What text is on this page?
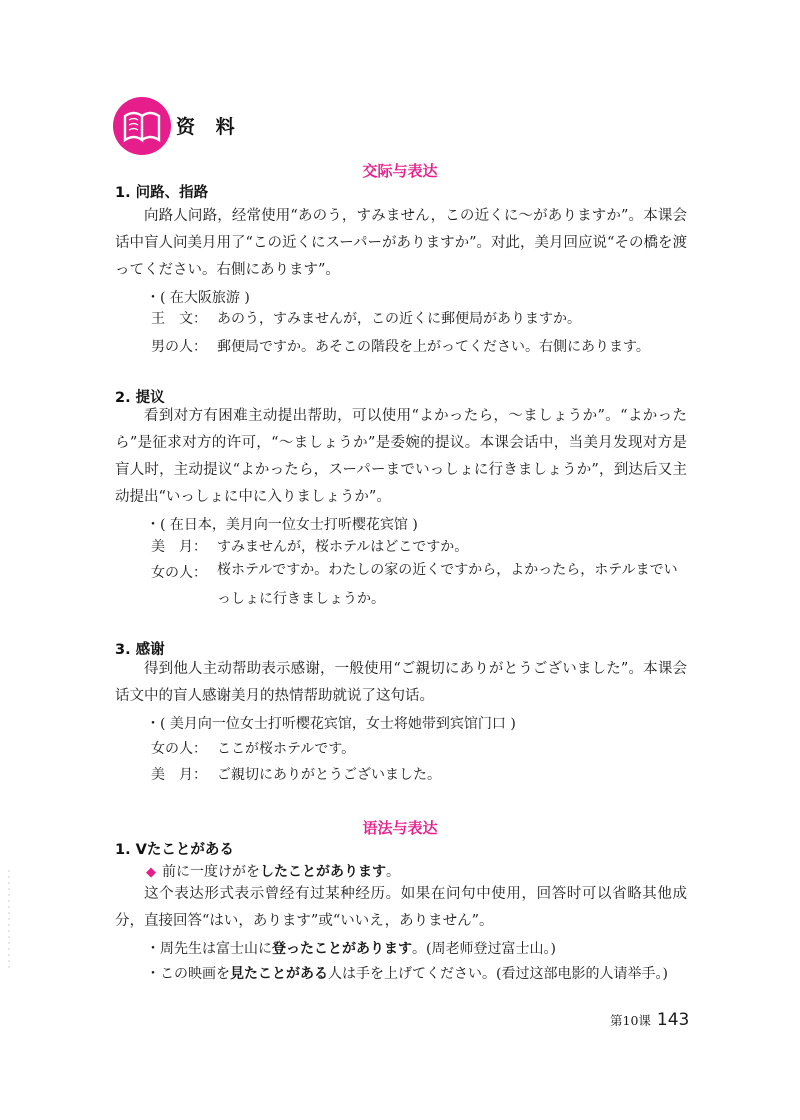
资 料
交际与表达
1. 问路、指路
向路人问路，经常使用“あのう，すみません，この近くに～がありますか”。本课会话中盲人问美月用了“この近くにスーパーがありますか”。对此，美月回应说“その橋を渡ってください。右側にあります”。
・( 在大阪旅游 )
王　文： あのう，すみませんが，この近くに郵便局がありますか。
男の人： 郵便局ですか。あそこの階段を上がってください。右側にあります。
2. 提议
看到对方有困难主动提出帮助，可以使用“よかったら，～ましょうか”。“よかったら”是征求对方的许可，“～ましょうか”是委婉的提议。本课会话中，当美月发现对方是盲人时，主动提议“よかったら，スーパーまでいっしょに行きましょうか”，到达后又主动提出“いっしょに中に入りましょうか”。
・( 在日本，美月向一位女士打听樱花宾馆 )
美　月： すみませんが，桜ホテルはどこですか。
女の人： 桜ホテルですか。わたしの家の近くですから，よかったら，ホテルまでいっしょに行きましょうか。
3. 感谢
得到他人主动帮助表示感谢，一般使用“ご親切にありがとうございました”。本课会话文中的盲人感谢美月的热情帮助就说了这句话。
・( 美月向一位女士打听樱花宾馆，女士将她带到宾馆门口 )
女の人： ここが桜ホテルです。
美　月： ご親切にありがとうございました。
语法与表达
1. Vたことがある
◆ 前に一度けがをしたことがあります。
这个表达形式表示曾经有过某种经历。如果在问句中使用，回答时可以省略其他成分，直接回答“はい，あります”或“いいえ，ありません”。
・周先生は富士山に登ったことがあります。(周老师登过富士山。)
・この映画を見たことがある人は手を上げてください。(看过这部电影的人请举手。)
第10课 143
